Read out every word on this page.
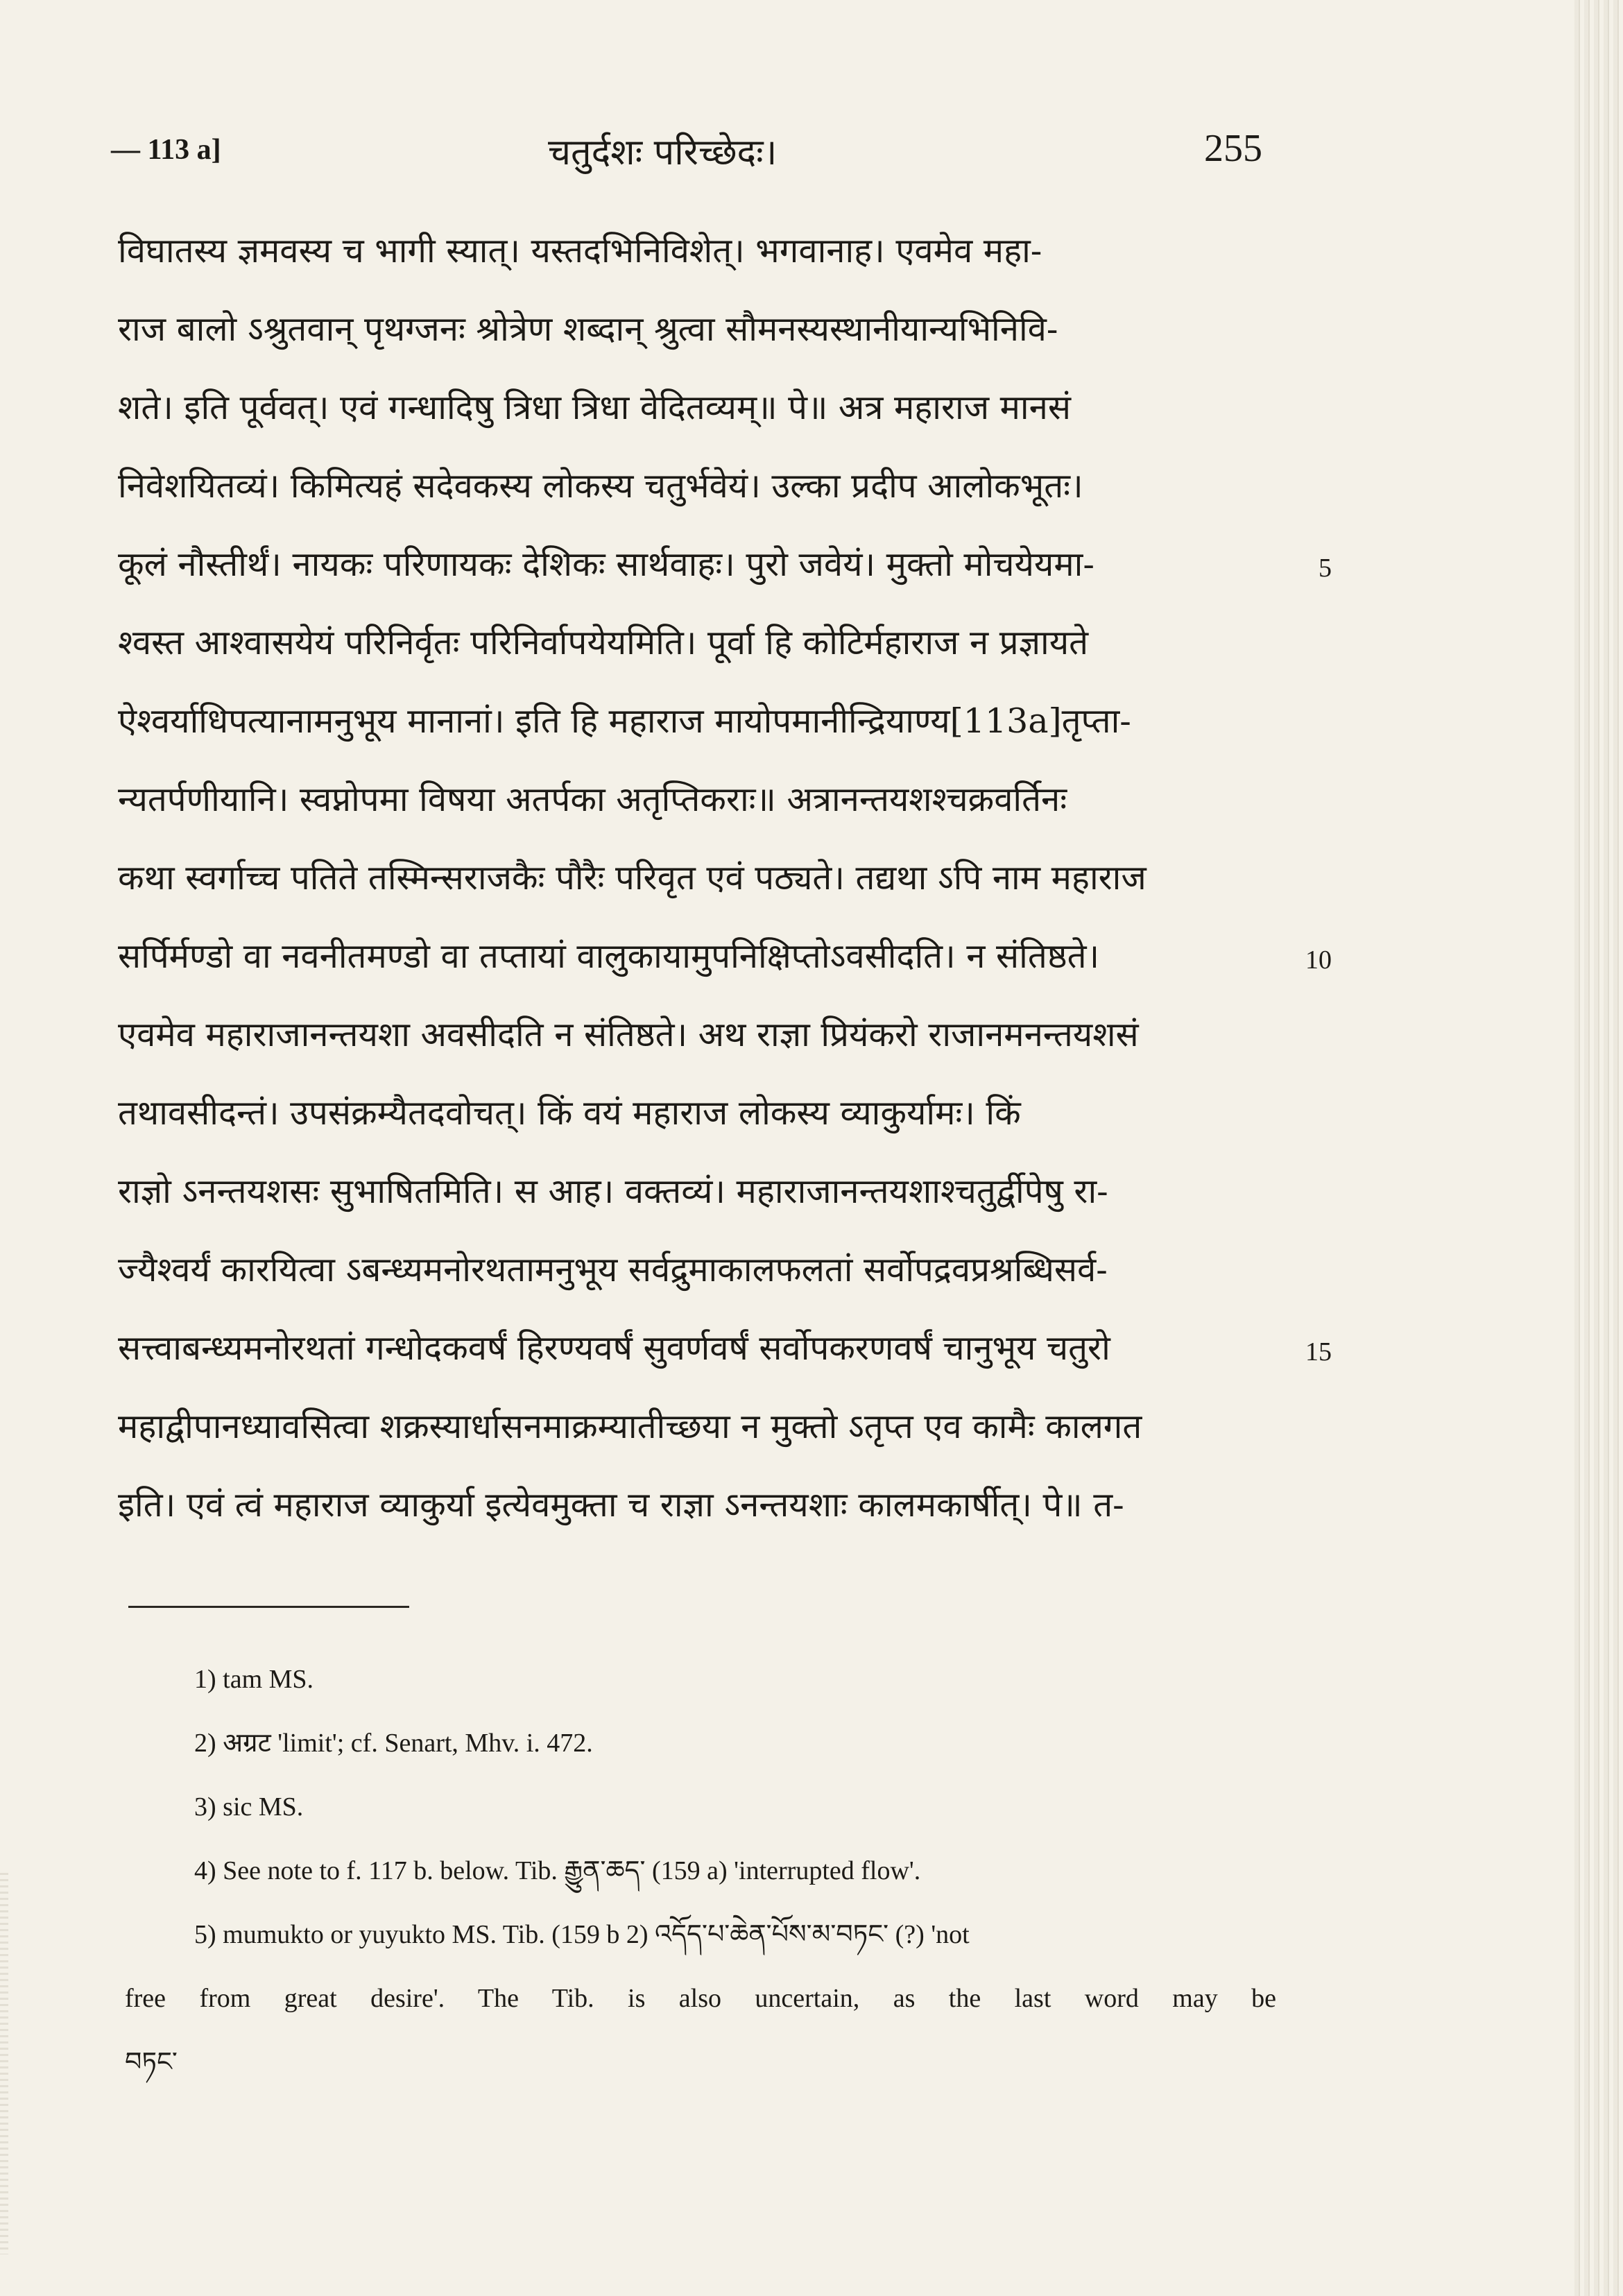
— 113 a]	चतुर्दशः परिच्छेदः।	255
विघातस्य ज्ञमवस्य च भागी स्यात्। यस्तदभिनिविशेत्। भगवानाह। एवमेव महा-
राज बालो ऽश्रुतवान् पृथग्जनः श्रोत्रेण शब्दान् श्रुत्वा सौमनस्यस्थानीयान्यभिनिवि-
शते। इति पूर्ववत्। एवं गन्धादिषु त्रिधा त्रिधा वेदितव्यम्॥ पे॥ अत्र महाराज मानसं
निवेशयितव्यं। किमित्यहं सदेवकस्य लोकस्य चतुर्भवेयं। उल्का प्रदीप आलोकभूतः।
कूलं नौस्तीर्थं। नायकः परिणायकः देशिकः सार्थवाहः। पुरो जवेयं। मुक्तो मोचयेयमा-	5
श्वस्त आश्वासयेयं परिनिर्वृतः परिनिर्वापयेयमिति। पूर्वा हि कोटिर्महाराज न प्रज्ञायते
ऐश्वर्याधिपत्यानामनुभूय मानानां। इति हि महाराज मायोपमानीन्द्रियाण्य[113a]तृप्ता-
न्यतर्पणीयानि। स्वप्नोपमा विषया अतर्पका अतृप्तिकराः॥ अत्रानन्तयशश्चक्रवर्तिनः
कथा स्वर्गाच्च पतिते तस्मिन्सराजकैः पौरैः परिवृत एवं पठ्यते। तद्यथा ऽपि नाम महाराज
सर्पिर्मण्डो वा नवनीतमण्डो वा तप्तायां वालुकायामुपनिक्षिप्तोऽवसीदति। न संतिष्ठते।	10
एवमेव महाराजानन्तयशा अवसीदति न संतिष्ठते। अथ राज्ञा प्रियंकरो राजानमनन्तयशसं
तथावसीदन्तं। उपसंक्रम्यैतदवोचत्। किं वयं महाराज लोकस्य व्याकुर्यामः। किं
राज्ञो ऽनन्तयशसः सुभाषितमिति। स आह। वक्तव्यं। महाराजानन्तयशाश्चतुर्द्वीपेषु रा-
ज्यैश्वर्यं कारयित्वा ऽबन्ध्यमनोरथतामनुभूय सर्वद्रुमाकालफलतां सर्वोपद्रवप्रश्रब्धिसर्व-
सत्त्वाबन्ध्यमनोरथतां गन्धोदकवर्षं हिरण्यवर्षं सुवर्णवर्षं सर्वोपकरणवर्षं चानुभूय चतुरो	15
महाद्वीपानध्यावसित्वा शक्रस्यार्धासनमाक्रम्यातीच्छया न मुक्तो ऽतृप्त एव कामैः कालगत
इति। एवं त्वं महाराज व्याकुर्या इत्येवमुक्ता च राज्ञा ऽनन्तयशाः कालमकार्षीत्। पे॥ त-
1) tam MS.
2) अग्रट 'limit'; cf. Senart, Mhv. i. 472.
3) sic MS.
4) See note to f. 117 b. below. Tib. རྒྱུན་ཆད་ (159 a) 'interrupted flow'.
5) mumukto or yuyukto MS. Tib. (159 b 2) འདོད་པ་ཆེན་པོས་མ་བཏང་ (?) 'not
free from great desire'. The Tib. is also uncertain, as the last word may be
བཏང་
